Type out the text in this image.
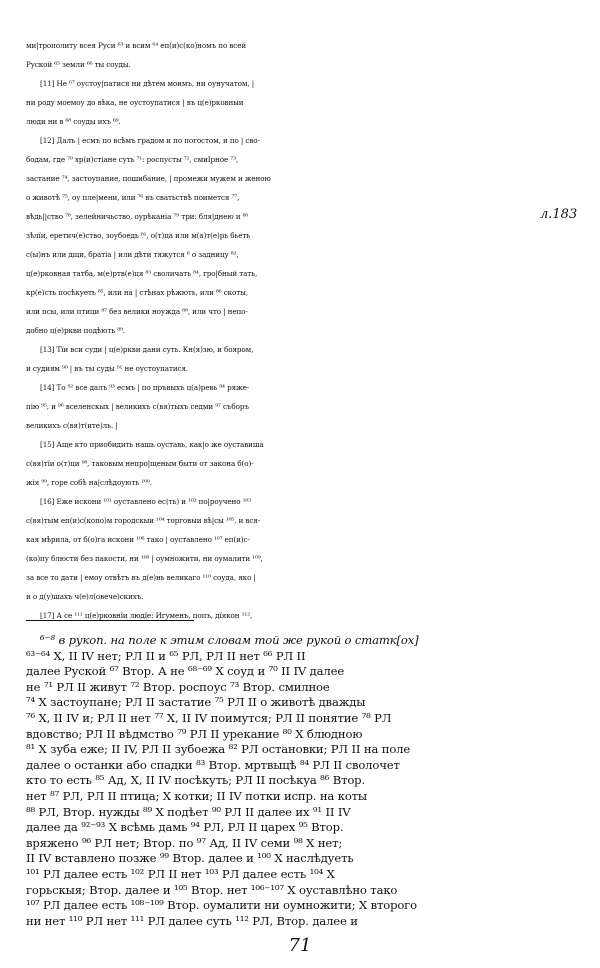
ми|трополиту всея Руси ⁶³ и всим ⁶⁴ еп(и)с(ко)номъ по всей
Руской ⁶⁵ земли ⁶⁶ ты соуды.
[11] Не ⁶⁷ оустоу|патися ни дѣтем моимъ, ни оунучатом, |
ни роду моемоу до вѣка, не оустоупатися | въ ц(е)рковныи
люди ни в ⁶⁸ соуды ихъ ⁶⁹.
[12] Далъ | есмъ по всѣмъ градом и по погостом, и по | сво-
бодам, где ⁷⁰ хр(и)стіане суть ⁷¹: роспусты ⁷², смиІрное ⁷³,
застание ⁷⁴, застоупание, пошибание, | промежи мужем и женою
о животѣ ⁷⁵, оу пле|мени, или ⁷⁶ въ сватьствѣ поимется ⁷⁷,
вѣдь||ство ⁷⁸, зелейничьство, оурѣканіа ⁷⁹ три: бля|днею и ⁸⁰
зѣлїи, еретич(е)ство, зоубоедь ⁸¹, о(т)ца или м(а)т(е)рь бьеть
с(ы)нъ или дщи, братіа | или дѣти тяжутся ⁶ о задницу ⁸²,
ц(е)рковная татба, м(е)ртв(е)ця ⁸³ своличать ⁸⁴, гро|бный тать,
кр(е)сть посѣкуеть ⁸⁵, или на | стѣнах рѣжють, или ⁸⁶ скоты,
или псы, или птици ⁸⁷ без велики ноужда ⁸⁸, или что | непо-
добно ц(е)ркви подѣють ⁸⁹.
[13] Тїи вси суди | ц(е)ркви дани суть. Кн(я)зю, и бояром,
и судиям ⁹⁰ | въ ты суды ⁹¹ не оустоупатися.
[14] То ⁹² все далъ ⁹³ есмъ | по пръвыхъ ц(а)ревь ⁹⁴ ряже-
пію ⁹⁵, и ⁹⁶ вселенскых | великихъ с(вя)тыхъ седми ⁹⁷ съборъ
великихъ с(вя)т(ите)ль. |
[15] Аще кто приобидить нашь оуставь, как|о же оуставиша
с(вя)тїи о(т)ци ⁹⁸, таковым непро|щеным быти от закона б(о)-
жія ⁹⁹, горе собѣ на|слѣдоують ¹⁰⁰.
[16] Еже искони ¹⁰¹ оуставлено ес(ть) и ¹⁰² по|роучено ¹⁰³
с(вя)тым еп(и)с(копо)м городскыи ¹⁰⁴ торговыи вѣ|сы ¹⁰⁵, и вся-
кая мѣрила, от б(о)га искони ¹⁰⁶ тако | оуставлено ¹⁰⁷ еп(и)с-
(ко)пу блюсти без пакости, ни ¹⁰⁸ | оумножити, ни оумалити ¹⁰⁹,
за все то дати | емоу отвѣтъ въ д(е)нь великаго ¹¹⁰ соуда, яко |
и о д(у)шахъ ч(е)л(овече)скихъ.
[17] А се ¹¹¹ ц(е)рковнїи людїе: Игуменъ, попъ, дїякон ¹¹²,
л.183
⁶⁻⁸ в рукоп. на поле к этим словам той же рукой о статк[ох]
⁶³⁻⁶⁴ X, II IV нет; РЛ II и ⁶⁵ РЛ, РЛ II нет ⁶⁶ РЛ II
далее Руской ⁶⁷ Втор. А не ⁶⁸⁻⁶⁹ X соуд и ⁷⁰ II IV далее
не ⁷¹ РЛ II живут ⁷² Втор. роспоус ⁷³ Втор. смилное
⁷⁴ X застоупане; РЛ II застатие ⁷⁵ РЛ II о животѣ дважды
⁷⁶ X, II IV и; РЛ II нет ⁷⁷ X, II IV поимутся; РЛ II понятие ⁷⁸ РЛ
вдовство; РЛ II вѣдмство ⁷⁹ РЛ II урекание ⁸⁰ X блюдною
⁸¹ X зуба еже; II IV, РЛ II зубоежа ⁸² РЛ остановки; РЛ II на поле
далее о останки або спадки ⁸³ Втор. мртвыцѣ ⁸⁴ РЛ II сволочет
кто то есть ⁸⁵ Ад, X, II IV посѣкуть; РЛ II посѣкуа ⁸⁶ Втор.
нет ⁸⁷ РЛ, РЛ II птица; X котки; II IV потки испр. на коты
⁸⁸ РЛ, Втор. нужды ⁸⁹ X подѣет ⁹⁰ РЛ II далее их ⁹¹ II IV
далее да ⁹²⁻⁹³ X всѣмь дамь ⁹⁴ РЛ, РЛ II царех ⁹⁵ Втор.
вряжено ⁹⁶ РЛ нет; Втор. по ⁹⁷ Ад, II IV семи ⁹⁸ X нет;
II IV вставлено позже ⁹⁹ Втор. далее и ¹⁰⁰ X наслѣдуеть
¹⁰¹ РЛ далее есть ¹⁰² РЛ II нет ¹⁰³ РЛ далее есть ¹⁰⁴ X
горьскыя; Втор. далее и ¹⁰⁵ Втор. нет ¹⁰⁶⁻¹⁰⁷ X оуставлѣно тако
¹⁰⁷ РЛ далее есть ¹⁰⁸⁻¹⁰⁹ Втор. оумалити ни оумножити; X второго
ни нет ¹¹⁰ РЛ нет ¹¹¹ РЛ далее суть ¹¹² РЛ, Втор. далее и
71
